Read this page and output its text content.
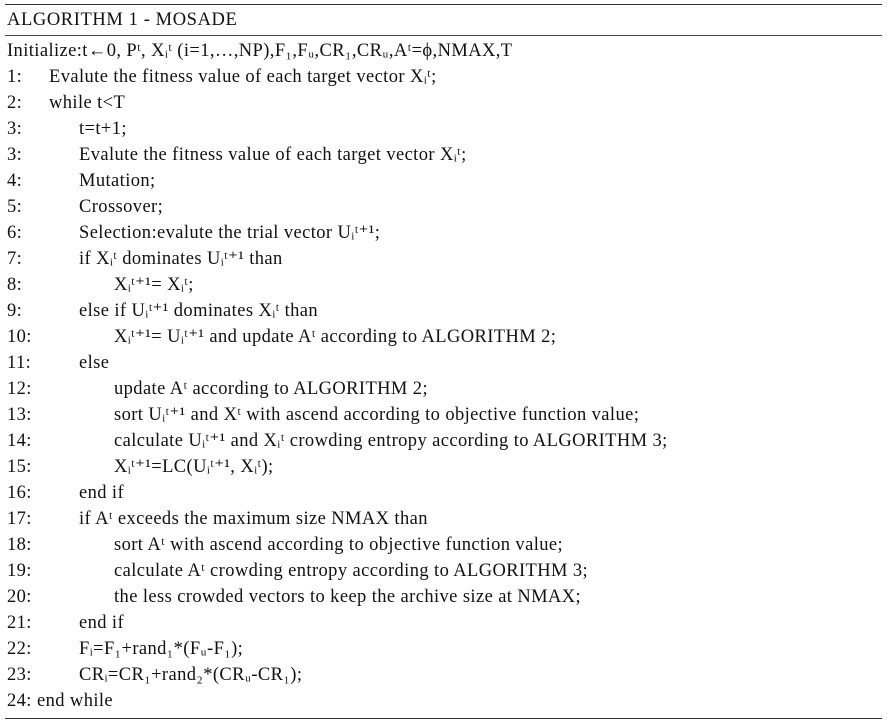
ALGORITHM 1 - MOSADE
Initialize:t←0, Pᵗ, Xᵢᵗ (i=1,…,NP),F₁,Fᵤ,CR₁,CRᵤ,Aᵗ=ϕ,NMAX,T
1:	Evalute the fitness value of each target vector Xᵢᵗ;
2:	while t<T
3:	t=t+1;
3:	Evalute the fitness value of each target vector Xᵢᵗ;
4:	Mutation;
5:	Crossover;
6:	Selection:evalute the trial vector Uᵢᵗ⁺¹;
7:	if Xᵢᵗ dominates Uᵢᵗ⁺¹ than
8:	Xᵢᵗ⁺¹= Xᵢᵗ;
9:	else if Uᵢᵗ⁺¹ dominates Xᵢᵗ than
10:	Xᵢᵗ⁺¹= Uᵢᵗ⁺¹ and update Aᵗ according to ALGORITHM 2;
11:	else
12:	update Aᵗ according to ALGORITHM 2;
13:	sort Uᵢᵗ⁺¹ and Xᵗ with ascend according to objective function value;
14:	calculate Uᵢᵗ⁺¹ and Xᵢᵗ crowding entropy according to ALGORITHM 3;
15:	Xᵢᵗ⁺¹=LC(Uᵢᵗ⁺¹, Xᵢᵗ);
16:	end if
17:	if Aᵗ exceeds the maximum size NMAX than
18:	sort Aᵗ with ascend according to objective function value;
19:	calculate Aᵗ crowding entropy according to ALGORITHM 3;
20:	the less crowded vectors to keep the archive size at NMAX;
21:	end if
22:	Fᵢ=F₁+rand₁*(Fᵤ-F₁);
23:	CRᵢ=CR₁+rand₂*(CRᵤ-CR₁);
24: end while
